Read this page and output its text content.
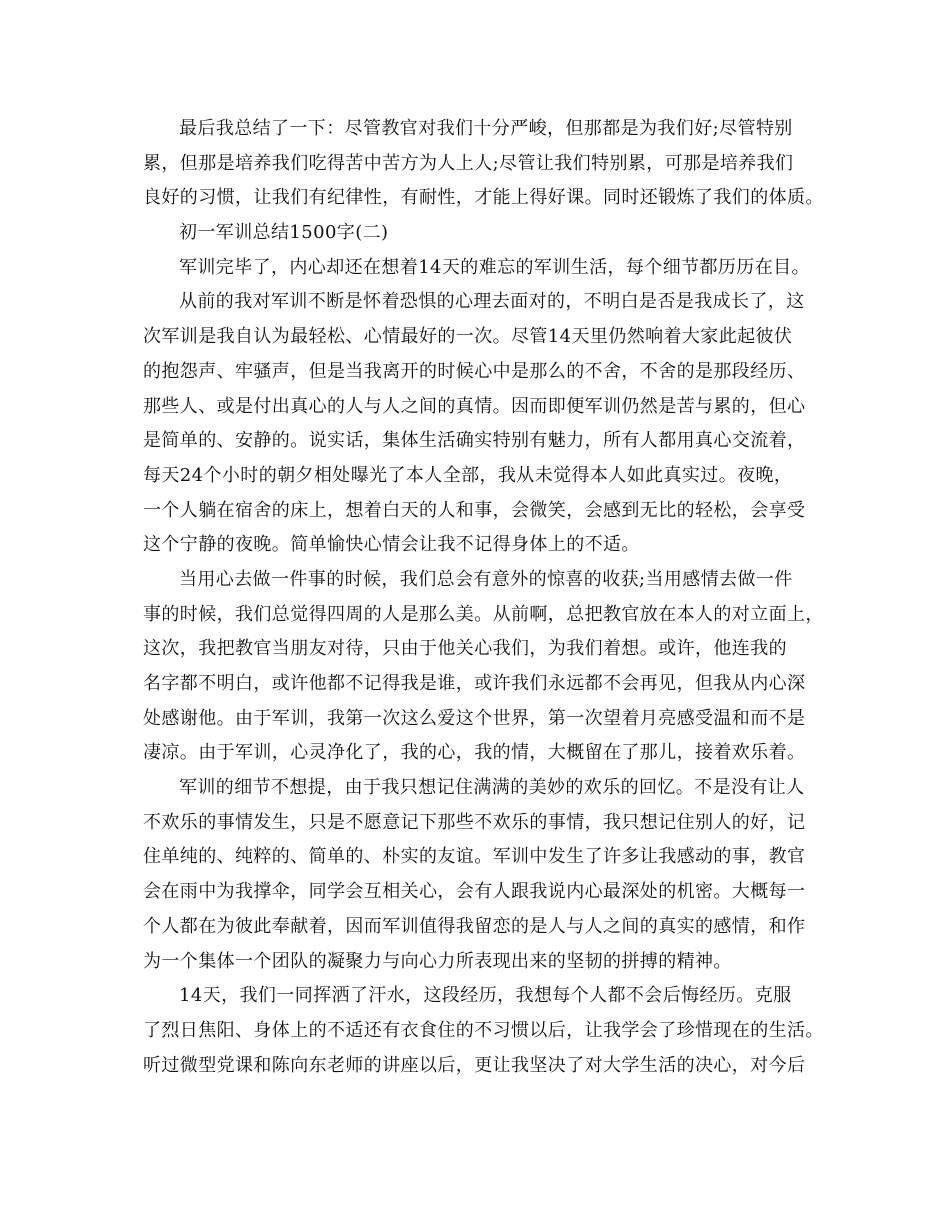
最后我总结了一下：尽管教官对我们十分严峻，但那都是为我们好;尽管特别
累，但那是培养我们吃得苦中苦方为人上人;尽管让我们特别累，可那是培养我们
良好的习惯，让我们有纪律性，有耐性，才能上得好课。同时还锻炼了我们的体质。
初一军训总结1500字(二)
军训完毕了，内心却还在想着14天的难忘的军训生活，每个细节都历历在目。
从前的我对军训不断是怀着恐惧的心理去面对的，不明白是否是我成长了，这
次军训是我自认为最轻松、心情最好的一次。尽管14天里仍然响着大家此起彼伏
的抱怨声、牢骚声，但是当我离开的时候心中是那么的不舍，不舍的是那段经历、
那些人、或是付出真心的人与人之间的真情。因而即便军训仍然是苦与累的，但心
是简单的、安静的。说实话，集体生活确实特别有魅力，所有人都用真心交流着，
每天24个小时的朝夕相处曝光了本人全部，我从未觉得本人如此真实过。夜晚，
一个人躺在宿舍的床上，想着白天的人和事，会微笑，会感到无比的轻松，会享受
这个宁静的夜晚。简单愉快心情会让我不记得身体上的不适。
当用心去做一件事的时候，我们总会有意外的惊喜的收获;当用感情去做一件
事的时候，我们总觉得四周的人是那么美。从前啊，总把教官放在本人的对立面上，
这次，我把教官当朋友对待，只由于他关心我们，为我们着想。或许，他连我的
名字都不明白，或许他都不记得我是谁，或许我们永远都不会再见，但我从内心深
处感谢他。由于军训，我第一次这么爱这个世界，第一次望着月亮感受温和而不是
凄凉。由于军训，心灵净化了，我的心，我的情，大概留在了那儿，接着欢乐着。
军训的细节不想提，由于我只想记住满满的美妙的欢乐的回忆。不是没有让人
不欢乐的事情发生，只是不愿意记下那些不欢乐的事情，我只想记住别人的好，记
住单纯的、纯粹的、简单的、朴实的友谊。军训中发生了许多让我感动的事，教官
会在雨中为我撑伞，同学会互相关心，会有人跟我说内心最深处的机密。大概每一
个人都在为彼此奉献着，因而军训值得我留恋的是人与人之间的真实的感情，和作
为一个集体一个团队的凝聚力与向心力所表现出来的坚韧的拼搏的精神。
14天，我们一同挥洒了汗水，这段经历，我想每个人都不会后悔经历。克服
了烈日焦阳、身体上的不适还有衣食住的不习惯以后，让我学会了珍惜现在的生活。
听过微型党课和陈向东老师的讲座以后，更让我坚决了对大学生活的决心，对今后
